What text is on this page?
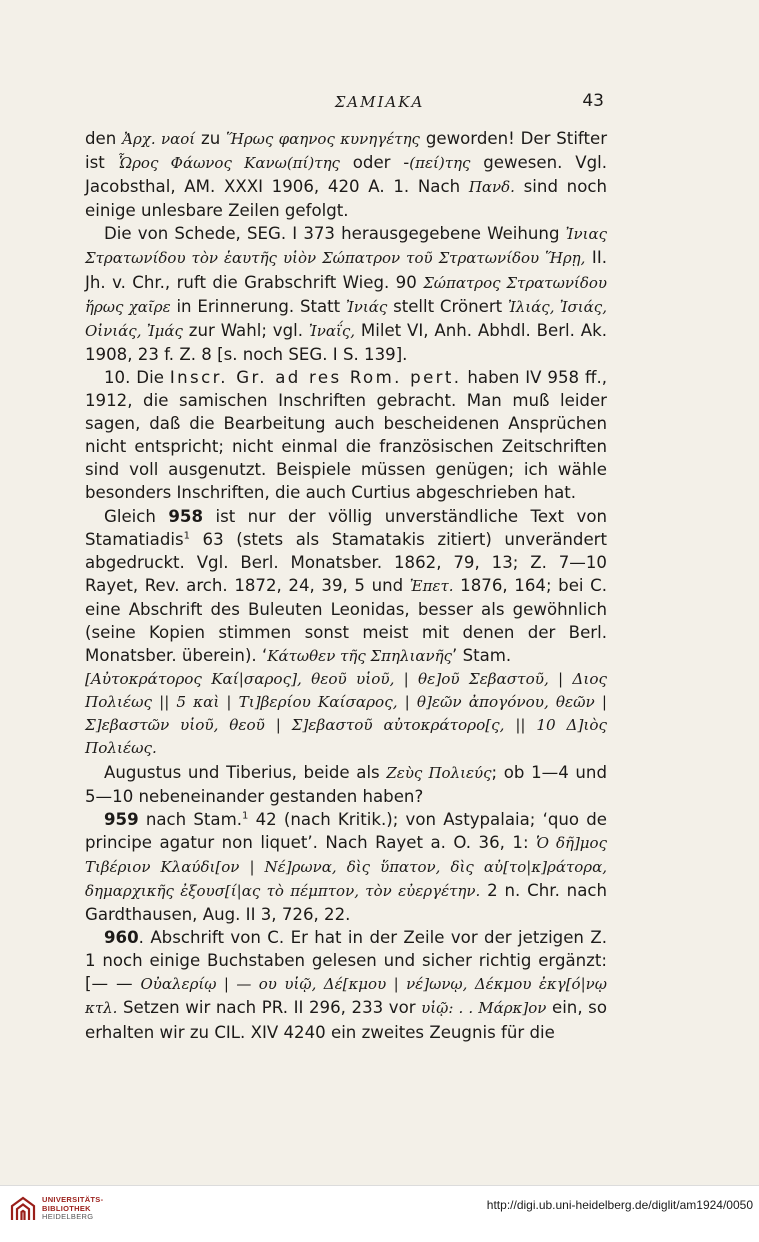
ΣΑΜΙΑΚΑ	43

den Ἀρχ. ναοί zu Ἥρως φαηνος κυνηγέτης geworden! Der Stifter ist Ὧρος Φάωνος Κανω(πί)της oder -(πεί)της gewesen. Vgl. Jacobsthal, AM. XXXI 1906, 420 A. 1. Nach Πανδ. sind noch einige unlesbare Zeilen gefolgt.

Die von Schede, SEG. I 373 herausgegebene Weihung Ἰνιας Στρατωνίδου τὸν ἑαυτῆς υἱὸν Σώπατρον τοῦ Στρατωνίδου Ἥρῃ, II. Jh. v. Chr., ruft die Grabschrift Wieg. 90 Σώπατρος Στρατωνίδου ἥρως χαῖρε in Erinnerung. Statt Ἰνιάς stellt Crönert Ἰλιάς, Ἰσιάς, Οἰνιάς, Ἰμάς zur Wahl; vgl. Ἰναΐς, Milet VI, Anh. Abhdl. Berl. Ak. 1908, 23 f. Z. 8 [s. noch SEG. I S. 139].

10. Die Inscr. Gr. ad res Rom. pert. haben IV 958 ff., 1912, die samischen Inschriften gebracht. Man muß leider sagen, daß die Bearbeitung auch bescheidenen Ansprüchen nicht entspricht; nicht einmal die französischen Zeitschriften sind voll ausgenutzt. Beispiele müssen genügen; ich wähle besonders Inschriften, die auch Curtius abgeschrieben hat.

Gleich 958 ist nur der völlig unverständliche Text von Stamatiadis$^1$ 63 (stets als Stamatakis zitiert) unverändert abgedruckt. Vgl. Berl. Monatsber. 1862, 79, 13; Z. 7—10 Rayet, Rev. arch. 1872, 24, 39, 5 und Ἐπετ. 1876, 164; bei C. eine Abschrift des Buleuten Leonidas, besser als gewöhnlich (seine Kopien stimmen sonst meist mit denen der Berl. Monatsber. überein). ‘Κάτωθεν τῆς Σπηλιανῆς’ Stam.

[Αὐτοκράτορος Καί|σαρος], θεοῦ υἱοῦ, | θε]οῦ Σεβαστοῦ, | Διος Πολιέως || 5 καὶ | Τι]βερίου Καίσαρος, | θ]εῶν ἀπογόνου, θεῶν | Σ]εβαστῶν υἱοῦ, θεοῦ | Σ]εβαστοῦ αὐτοκράτορο[ς, || 10 Δ]ιὸς Πολιέως.

Augustus und Tiberius, beide als Ζεὺς Πολιεύς; ob 1—4 und 5—10 nebeneinander gestanden haben?

959 nach Stam.$^1$ 42 (nach Kritik.); von Astypalaia; ‘quo de principe agatur non liquet’. Nach Rayet a. O. 36, 1: Ὁ δῆ]μος Τιβέριον Κλαύδι[ον | Νέ]ρωνα, δὶς ὕπατον, δὶς αὐ[το|κ]ράτορα, δημαρχικῆς ἐξουσ[ί|ας τὸ πέμπτον, τὸν εὐεργέτην. 2 n. Chr. nach Gardthausen, Aug. II 3, 726, 22.

960. Abschrift von C. Er hat in der Zeile vor der jetzigen Z. 1 noch einige Buchstaben gelesen und sicher richtig ergänzt: [— — Οὐαλερίῳ | — ου υἱῷ, Δέ[κμου | νέ]ωνῳ, Δέκμου ἐκγ[ό|νῳ κτλ. Setzen wir nach PR. II 296, 233 vor υἱῷ: . . Μάρκ]ον ein, so erhalten wir zu CIL. XIV 4240 ein zweites Zeugnis für die

UNIVERSITÄTS-
BIBLIOTHEK
HEIDELBERG
http://digi.ub.uni-heidelberg.de/diglit/am1924/0050
